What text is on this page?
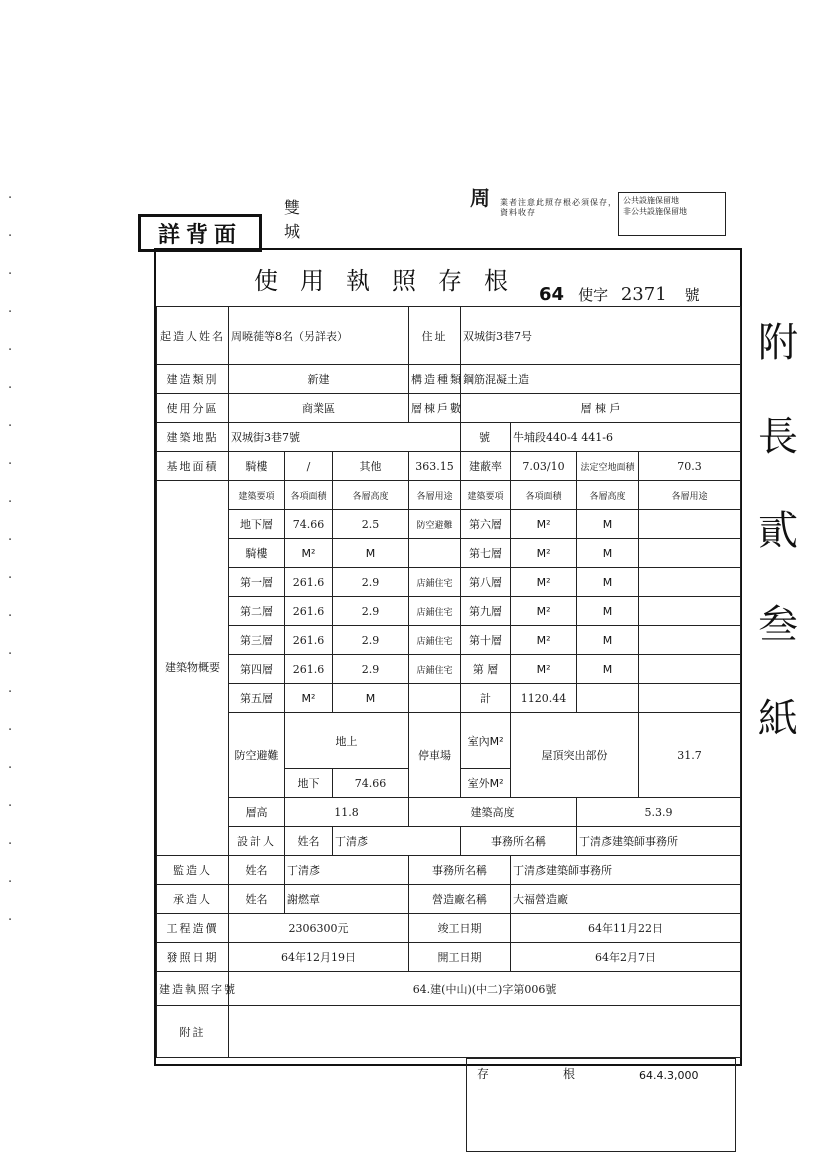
詳背面
雙城

周 業者注意此照存根必須保存，資料收存
公共設施保留地
非公共設施保留地
·
·
·
·
·
·
·
·
·
·
·
·
·
·
·
·
·
·
·
·
使用執照存根 64 使字 2371 號
起造人姓名	周曉蓰等8名（另詳表）			住址	双城街3巷7号			
建造類別	新建			構造種類	鋼筋混凝土造			
使用分區	商業區			層棟戶數	層 棟 戶			
建築地點	双城街3巷7號				號	牛埔段440-4 441-6		
基地面積	騎樓	/	其他	363.15	建蔽率	7.03/10	法定空地面積	70.3
建築物概要	建築要項	各項面積	各層高度	各層用途	建築要項	各項面積	各層高度	各層用途
	地下層	74.66	2.5	防空避難	第六層	M²	M	
	騎樓	M²	M		第七層	M²	M	
	第一層	261.6	2.9	店鋪住宅	第八層	M²	M	
	第二層	261.6	2.9	店鋪住宅	第九層	M²	M	
	第三層	261.6	2.9	店鋪住宅	第十層	M²	M	
	第四層	261.6	2.9	店鋪住宅	第 層	M²	M	
	第五層	M²	M		計	1120.44		
	防空避難	地上		停車場	室內M²	屋頂突出部份		31.7
		地下	74.66		室外M²			
	層高	11.8		建築高度			5.3.9	
	設計人	姓名	丁清彥		事務所名稱		丁清彥建築師事務所	
監造人	姓名	丁清彥		事務所名稱		丁清彥建築師事務所		
承造人	姓名	謝燃章		營造廠名稱		大福營造廠		
工程造價	2306300元			竣工日期		64年11月22日		
發照日期	64年12月19日			開工日期		64年2月7日		
建造執照字號	64.建(中山)(中二)字第006號							
附註								
附
長
貳
叁
紙
存	根	64.4.3,000
